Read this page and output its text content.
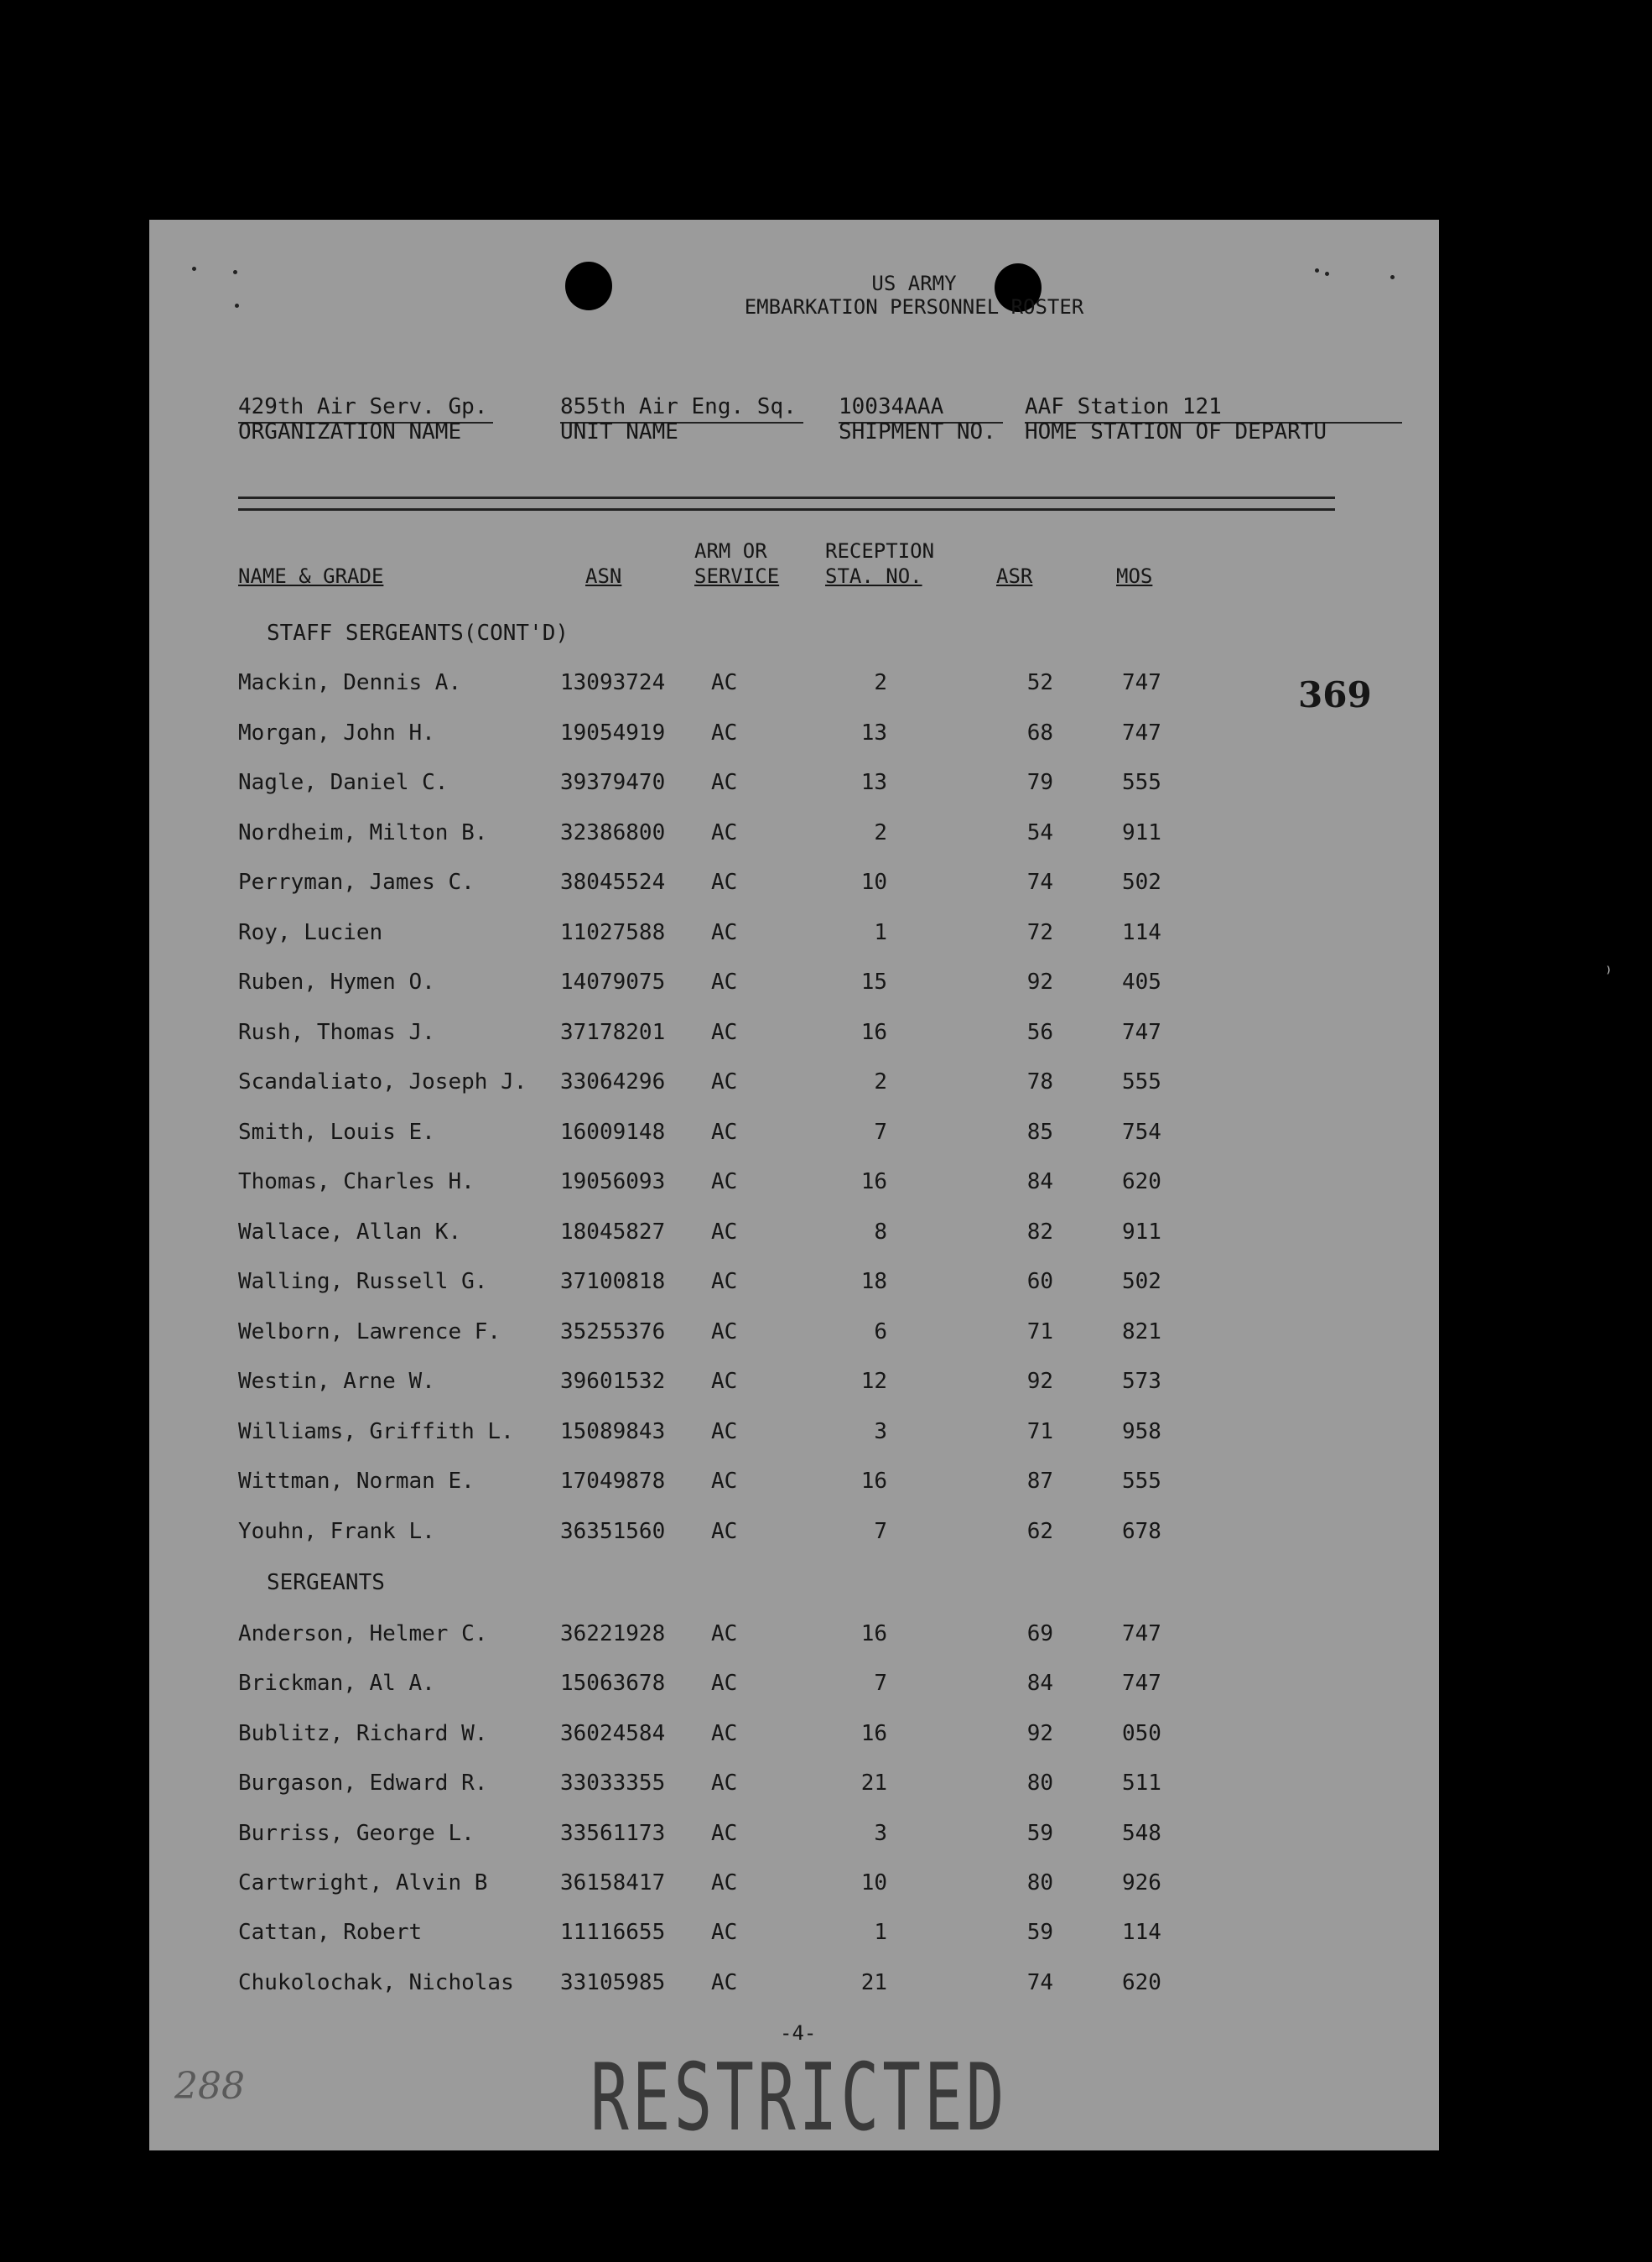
US ARMY
EMBARKATION PERSONNEL ROSTER
429th Air Serv. Gp.
ORGANIZATION NAME
855th Air Eng. Sq.
UNIT NAME
10034AAA
SHIPMENT NO.
AAF Station 121
HOME STATION OF DEPARTU
NAME & GRADE	ASN
ARM OR
SERVICE
RECEPTION
STA. NO.	ASR	MOS
STAFF SERGEANTS(CONT'D)
Mackin, Dennis A.	13093724 AC	2	52	747
Morgan, John H.	19054919 AC	13	68	747
Nagle, Daniel C.	39379470 AC	13	79	555
Nordheim, Milton B.	32386800 AC	2	54	911
Perryman, James C.	38045524 AC	10	74	502
Roy, Lucien	11027588 AC	1	72	114
Ruben, Hymen O.	14079075 AC	15	92	405
Rush, Thomas J.	37178201 AC	16	56	747
Scandaliato, Joseph J. 33064296 AC	2	78	555
Smith, Louis E.	16009148 AC	7	85	754
Thomas, Charles H.	19056093 AC	16	84	620
Wallace, Allan K.	18045827 AC	8	82	911
Walling, Russell G.	37100818 AC	18	60	502
Welborn, Lawrence F.	35255376 AC	6	71	821
Westin, Arne W.	39601532 AC	12	92	573
Williams, Griffith L. 15089843 AC	3	71	958
Wittman, Norman E.	17049878 AC	16	87	555
Youhn, Frank L.	36351560 AC	7	62	678
SERGEANTS
Anderson, Helmer C.	36221928 AC	16	69	747
Brickman, Al A.	15063678 AC	7	84	747
Bublitz, Richard W.	36024584 AC	16	92	050
Burgason, Edward R.	33033355 AC	21	80	511
Burriss, George L.	33561173 AC	3	59	548
Cartwright, Alvin B	36158417 AC	10	80	926
Cattan, Robert	11116655 AC	1	59	114
Chukolochak, Nicholas 33105985 AC	21	74	620
369
-4-
288	RESTRICTED
⁾
